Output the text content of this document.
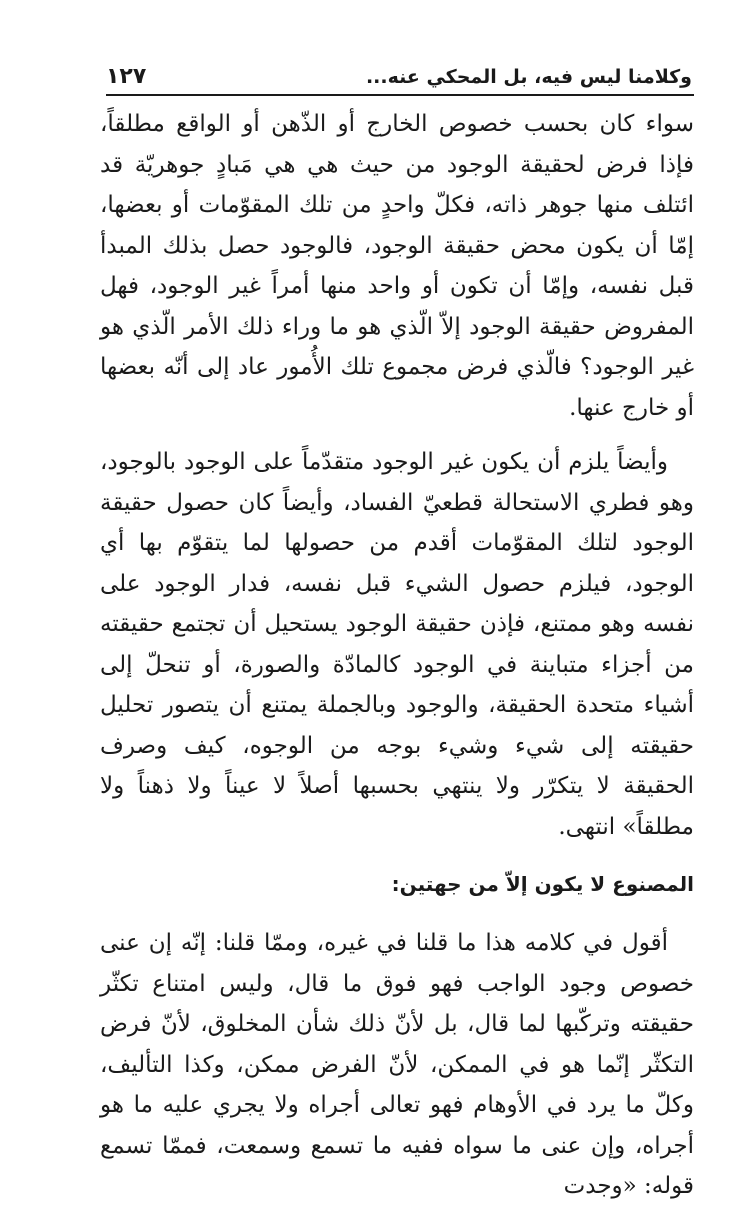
وكلامنا ليس فيه، بل المحكي عنه...
١٢٧

سواء كان بحسب خصوص الخارج أو الذّهن أو الواقع مطلقاً، فإذا فرض لحقيقة الوجود من حيث هي هي مَبادٍ جوهريّة قد ائتلف منها جوهر ذاته، فكلّ واحدٍ من تلك المقوّمات أو بعضها، إمّا أن يكون محض حقيقة الوجود، فالوجود حصل بذلك المبدأ قبل نفسه، وإمّا أن تكون أو واحد منها أمراً غير الوجود، فهل المفروض حقيقة الوجود إلاّ الّذي هو ما وراء ذلك الأمر الّذي هو غير الوجود؟ فالّذي فرض مجموع تلك الأُمور عاد إلى أنّه بعضها أو خارج عنها.

وأيضاً يلزم أن يكون غير الوجود متقدّماً على الوجود بالوجود، وهو فطري الاستحالة قطعيّ الفساد، وأيضاً كان حصول حقيقة الوجود لتلك المقوّمات أقدم من حصولها لما يتقوّم بها أي الوجود، فيلزم حصول الشيء قبل نفسه، فدار الوجود على نفسه وهو ممتنع، فإذن حقيقة الوجود يستحيل أن تجتمع حقيقته من أجزاء متباينة في الوجود كالمادّة والصورة، أو تنحلّ إلى أشياء متحدة الحقيقة، والوجود وبالجملة يمتنع أن يتصور تحليل حقيقته إلى شيء وشيء بوجه من الوجوه، كيف وصرف الحقيقة لا يتكرّر ولا ينتهي بحسبها أصلاً لا عيناً ولا ذهناً ولا مطلقاً» انتهى.

المصنوع لا يكون إلاّ من جهتين:

أقول في كلامه هذا ما قلنا في غيره، وممّا قلنا: إنّه إن عنى خصوص وجود الواجب فهو فوق ما قال، وليس امتناع تكثّر حقيقته وتركّبها لما قال، بل لأنّ ذلك شأن المخلوق، لأنّ فرض التكثّر إنّما هو في الممكن، لأنّ الفرض ممكن، وكذا التأليف، وكلّ ما يرد في الأوهام فهو تعالى أجراه ولا يجري عليه ما هو أجراه، وإن عنى ما سواه ففيه ما تسمع وسمعت، فممّا تسمع قوله: «وجدت
